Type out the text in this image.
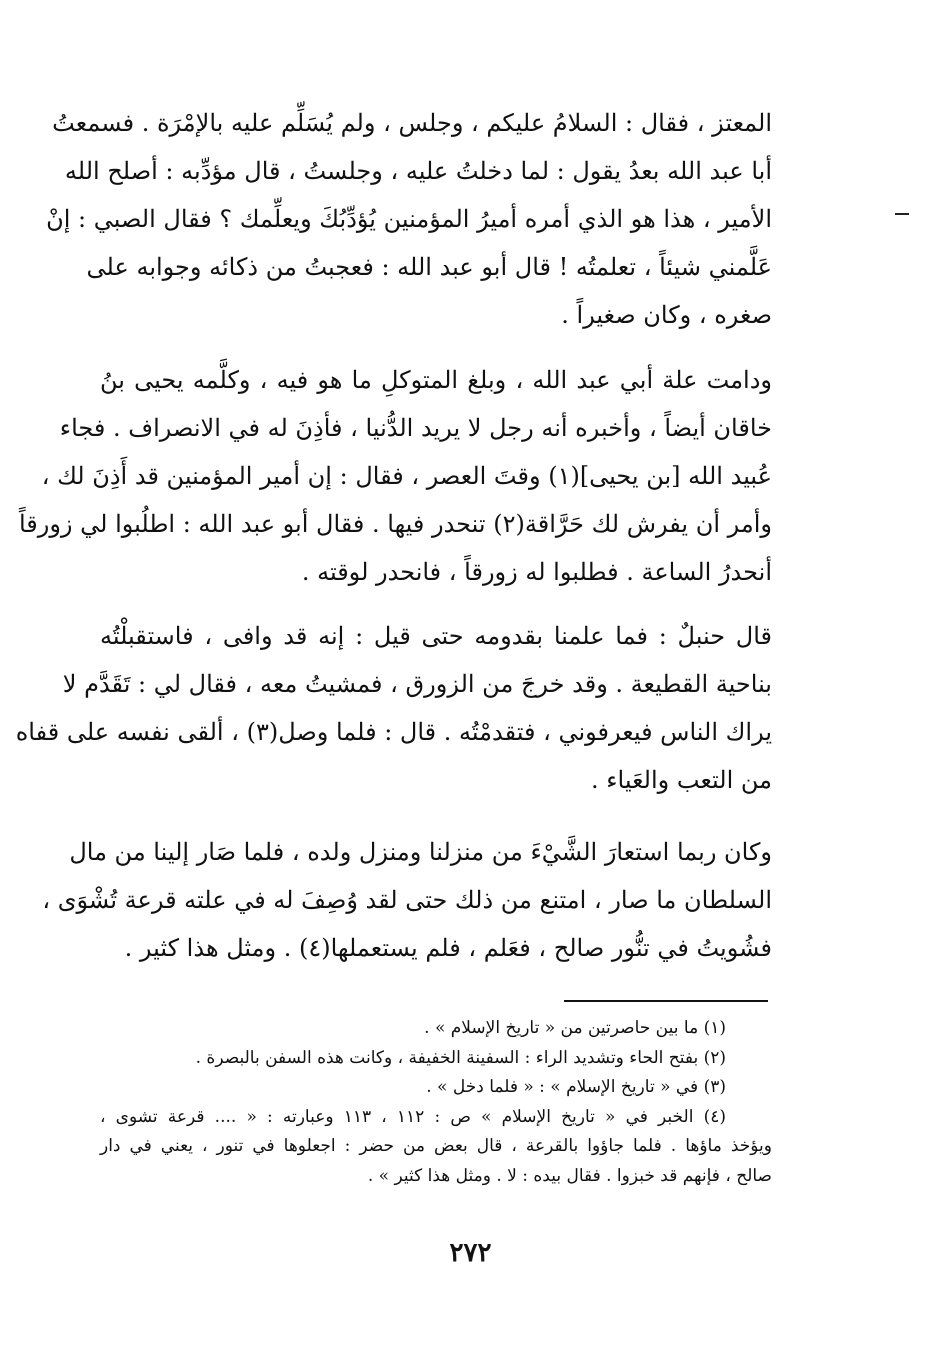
المعتز ، فقال : السلامُ عليكم ، وجلس ، ولم يُسَلِّم عليه بالإمْرَة . فسمعتُ
أبا عبد الله بعدُ يقول : لما دخلتُ عليه ، وجلستُ ، قال مؤدِّبه : أصلح الله
الأمير ، هذا هو الذي أمره أميرُ المؤمنين يُؤدِّبُكَ ويعلِّمك ؟ فقال الصبي : إنْ
عَلَّمني شيئاً ، تعلمتُه ! قال أبو عبد الله : فعجبتُ من ذكائه وجوابه على
صغره ، وكان صغيراً .
ودامت علة أبي عبد الله ، وبلغ المتوكلِ ما هو فيه ، وكلَّمه يحيى بنُ
خاقان أيضاً ، وأخبره أنه رجل لا يريد الدُّنيا ، فأذِنَ له في الانصراف . فجاء
عُبيد الله [بن يحيى](١) وقتَ العصر ، فقال : إن أمير المؤمنين قد أَذِنَ لك ،
وأمر أن يفرش لك حَرَّاقة(٢) تنحدر فيها . فقال أبو عبد الله : اطلُبوا لي زورقاً
أنحدرُ الساعة . فطلبوا له زورقاً ، فانحدر لوقته .
قال حنبلٌ : فما علمنا بقدومه حتى قيل : إنه قد وافى ، فاستقبلْتُه
بناحية القطيعة . وقد خرجَ من الزورق ، فمشيتُ معه ، فقال لي : تَقَدَّم لا
يراك الناس فيعرفوني ، فتقدمْتُه . قال : فلما وصل(٣) ، ألقى نفسه على قفاه
من التعب والعَياء .
وكان ربما استعارَ الشَّيْءَ من منزلنا ومنزل ولده ، فلما صَار إلينا من مال
السلطان ما صار ، امتنع من ذلك حتى لقد وُصِفَ له في علته قرعة تُشْوَى ،
فشُويتُ في تنُّور صالح ، فعَلم ، فلم يستعملها(٤) . ومثل هذا كثير .
(١) ما بين حاصرتين من « تاريخ الإسلام » .
(٢) بفتح الحاء وتشديد الراء : السفينة الخفيفة ، وكانت هذه السفن بالبصرة .
(٣) في « تاريخ الإسلام » : « فلما دخل » .
(٤) الخبر في « تاريخ الإسلام » ص : ١١٢ ، ١١٣ وعبارته : « .... قرعة تشوى ،
ويؤخذ ماؤها . فلما جاؤوا بالقرعة ، قال بعض من حضر : اجعلوها في تنور ، يعني في دار
صالح ، فإنهم قد خبزوا . فقال بيده : لا . ومثل هذا كثير » .
٢٧٢
